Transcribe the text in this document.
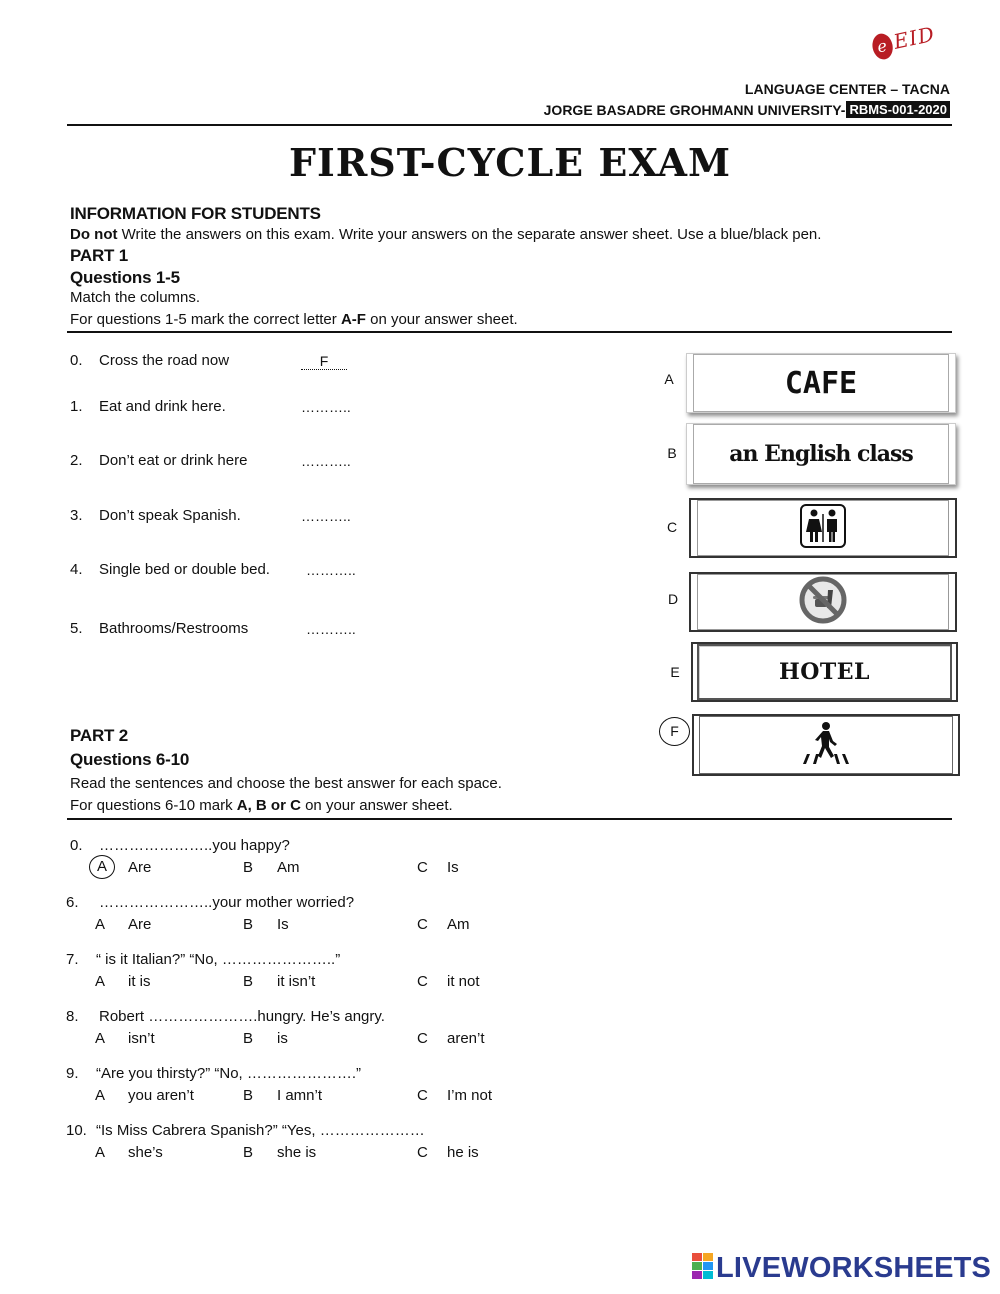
eEID
LANGUAGE CENTER – TACNA
JORGE BASADRE GROHMANN UNIVERSITY- RBMS-001-2020
FIRST-CYCLE EXAM
INFORMATION FOR STUDENTS
Do not Write the answers on this exam. Write your answers on the separate answer sheet. Use a blue/black pen.
PART 1
Questions 1-5
Match the columns.
For questions 1-5 mark the correct letter A-F on your answer sheet.
0. Cross the road now	F
1. Eat and drink here.	………..
2. Don’t eat or drink here	………..
3. Don’t speak Spanish.	………..
4. Single bed or double bed.	………..
5. Bathrooms/Restrooms	………..
A	CAFE
B an English class
C
D
E	HOTEL
F
PART 2
Questions 6-10
Read the sentences and choose the best answer for each space.
For questions 6-10 mark A, B or C on your answer sheet.
0. …………………..you happy?
A	Are	B Am	C Is
6. …………………..your mother worried?
A Are	B Is	C Am
7. “ is it Italian?” “No, …………………..”
A it is	B it isn’t	C it not
8. Robert ………………….hungry. He’s angry.
A isn’t	B is	C aren’t
9. “Are you thirsty?” “No, ………………….”
A you aren’t	B I amn’t	C I’m not
10. “Is Miss Cabrera Spanish?” “Yes, …………………
A she’s	B she is	C he is
LIVEWORKSHEETS
